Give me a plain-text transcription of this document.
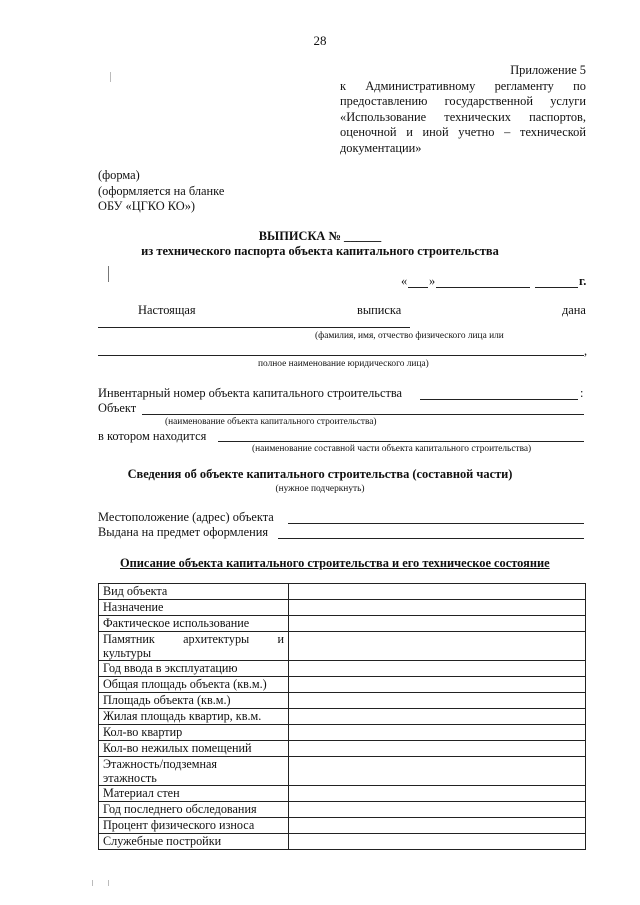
28
Приложение 5
к Административному регламенту по
предоставлению государственной услуги
«Использование технических паспортов,
оценочной и иной учетно – технической
документации»
(форма)
(оформляется на бланке
ОБУ «ЦГКО КО»)
ВЫПИСКА № ______
из технического паспорта объекта капитального строительства
« »	г.
Настоящая	выписка	дана
(фамилия, имя, отчество физического лица или
,
полное наименование юридического лица)
Инвентарный номер объекта капитального строительства	:
Объект
(наименование объекта капитального строительства)
в котором находится
(наименование составной части объекта капитального строительства)
Сведения об объекте капитального строительства (составной части)
(нужное подчеркнуть)
Местоположение (адрес) объекта
Выдана на предмет оформления
Описание объекта капитального строительства и его техническое состояние
Вид объекта	
Назначение	
Фактическое использование	

Памятник архитектуры и
культуры	

Год ввода в эксплуатацию	
Общая площадь объекта (кв.м.)	
Площадь объекта (кв.м.)	
Жилая площадь квартир, кв.м.	
Кол-во квартир	
Кол-во нежилых помещений	

Этажность/подземная
этажность	

Материал стен	
Год последнего обследования	
Процент физического износа	
Служебные постройки	
